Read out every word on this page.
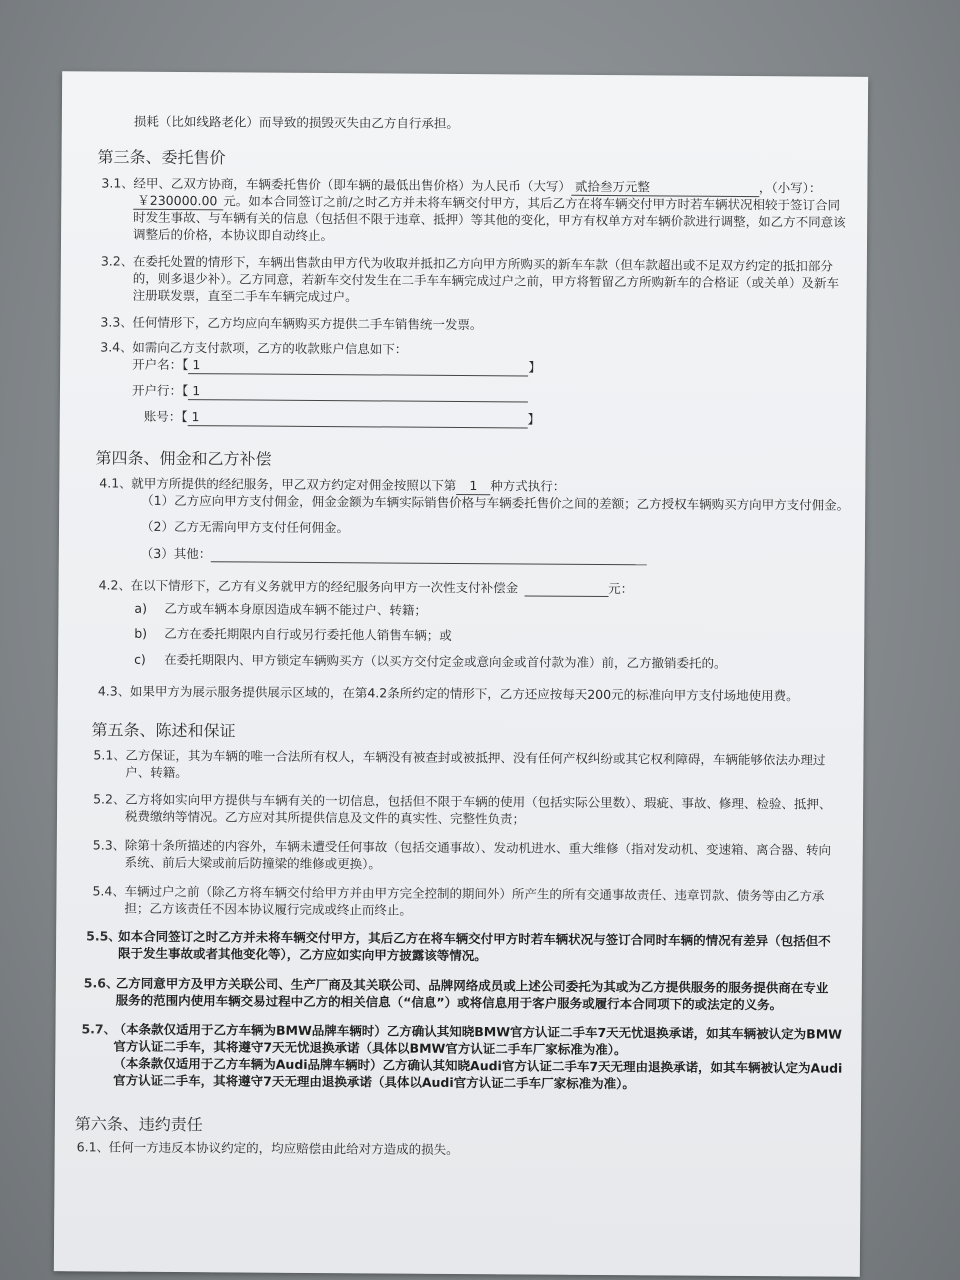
损耗（比如线路老化）而导致的损毁灭失由乙方自行承担。
第三条、委托售价
3.1、 经甲、乙双方协商，车辆委托售价（即车辆的最低出售价格）为人民币（大写） 贰拾叁万元整	，（小写）：
￥230000.00 元。如本合同签订之前/之时乙方并未将车辆交付甲方，其后乙方在将车辆交付甲方时若车辆状况相较于签订合同
时发生事故、与车辆有关的信息（包括但不限于违章、抵押）等其他的变化，甲方有权单方对车辆价款进行调整，如乙方不同意该
调整后的价格，本协议即自动终止。
3.2、 在委托处置的情形下，车辆出售款由甲方代为收取并抵扣乙方向甲方所购买的新车车款（但车款超出或不足双方约定的抵扣部分
的，则多退少补）。乙方同意，若新车交付发生在二手车车辆完成过户之前，甲方将暂留乙方所购新车的合格证（或关单）及新车
注册联发票，直至二手车车辆完成过户。
3.3、 任何情形下，乙方均应向车辆购买方提供二手车销售统一发票。
3.4、 如需向乙方支付款项，乙方的收款账户信息如下：
开户名：【 1	】
开户行：【 1
账号：【 1	】
第四条、佣金和乙方补偿
4.1、 就甲方所提供的经纪服务，甲乙双方约定对佣金按照以下第 1 种方式执行：
（1）乙方应向甲方支付佣金，佣金金额为车辆实际销售价格与车辆委托售价之间的差额；乙方授权车辆购买方向甲方支付佣金。
（2）乙方无需向甲方支付任何佣金。
（3）其他：
4.2、 在以下情形下，乙方有义务就甲方的经纪服务向甲方一次性支付补偿金	元：
a) 乙方或车辆本身原因造成车辆不能过户、转籍；
b) 乙方在委托期限内自行或另行委托他人销售车辆；或
c) 在委托期限内、甲方锁定车辆购买方（以买方交付定金或意向金或首付款为准）前，乙方撤销委托的。
4.3、 如果甲方为展示服务提供展示区域的，在第4.2条所约定的情形下，乙方还应按每天200元的标准向甲方支付场地使用费。
第五条、陈述和保证
5.1、 乙方保证，其为车辆的唯一合法所有权人，车辆没有被查封或被抵押、没有任何产权纠纷或其它权利障碍，车辆能够依法办理过
户、转籍。
5.2、 乙方将如实向甲方提供与车辆有关的一切信息，包括但不限于车辆的使用（包括实际公里数）、瑕疵、事故、修理、检验、抵押、
税费缴纳等情况。乙方应对其所提供信息及文件的真实性、完整性负责；
5.3、 除第十条所描述的内容外，车辆未遭受任何事故（包括交通事故）、发动机进水、重大维修（指对发动机、变速箱、离合器、转向
系统、前后大梁或前后防撞梁的维修或更换）。
5.4、 车辆过户之前（除乙方将车辆交付给甲方并由甲方完全控制的期间外）所产生的所有交通事故责任、违章罚款、债务等由乙方承
担；乙方该责任不因本协议履行完成或终止而终止。
5.5、
如本合同签订之时乙方并未将车辆交付甲方，其后乙方在将车辆交付甲方时若车辆状况与签订合同时车辆的情况有差异（包括但不
限于发生事故或者其他变化等），乙方应如实向甲方披露该等情况。
5.6、
乙方同意甲方及甲方关联公司、生产厂商及其关联公司、品牌网络成员或上述公司委托为其或为乙方提供服务的服务提供商在专业
服务的范围内使用车辆交易过程中乙方的相关信息（“信息”）或将信息用于客户服务或履行本合同项下的或法定的义务。
5.7、
（本条款仅适用于乙方车辆为BMW品牌车辆时）乙方确认其知晓BMW官方认证二手车7天无忧退换承诺，如其车辆被认定为BMW
官方认证二手车，其将遵守7天无忧退换承诺（具体以BMW官方认证二手车厂家标准为准）。
（本条款仅适用于乙方车辆为Audi品牌车辆时）乙方确认其知晓Audi官方认证二手车7天无理由退换承诺，如其车辆被认定为Audi
官方认证二手车，其将遵守7天无理由退换承诺（具体以Audi官方认证二手车厂家标准为准）。
第六条、违约责任
6.1、 任何一方违反本协议约定的，均应赔偿由此给对方造成的损失。
